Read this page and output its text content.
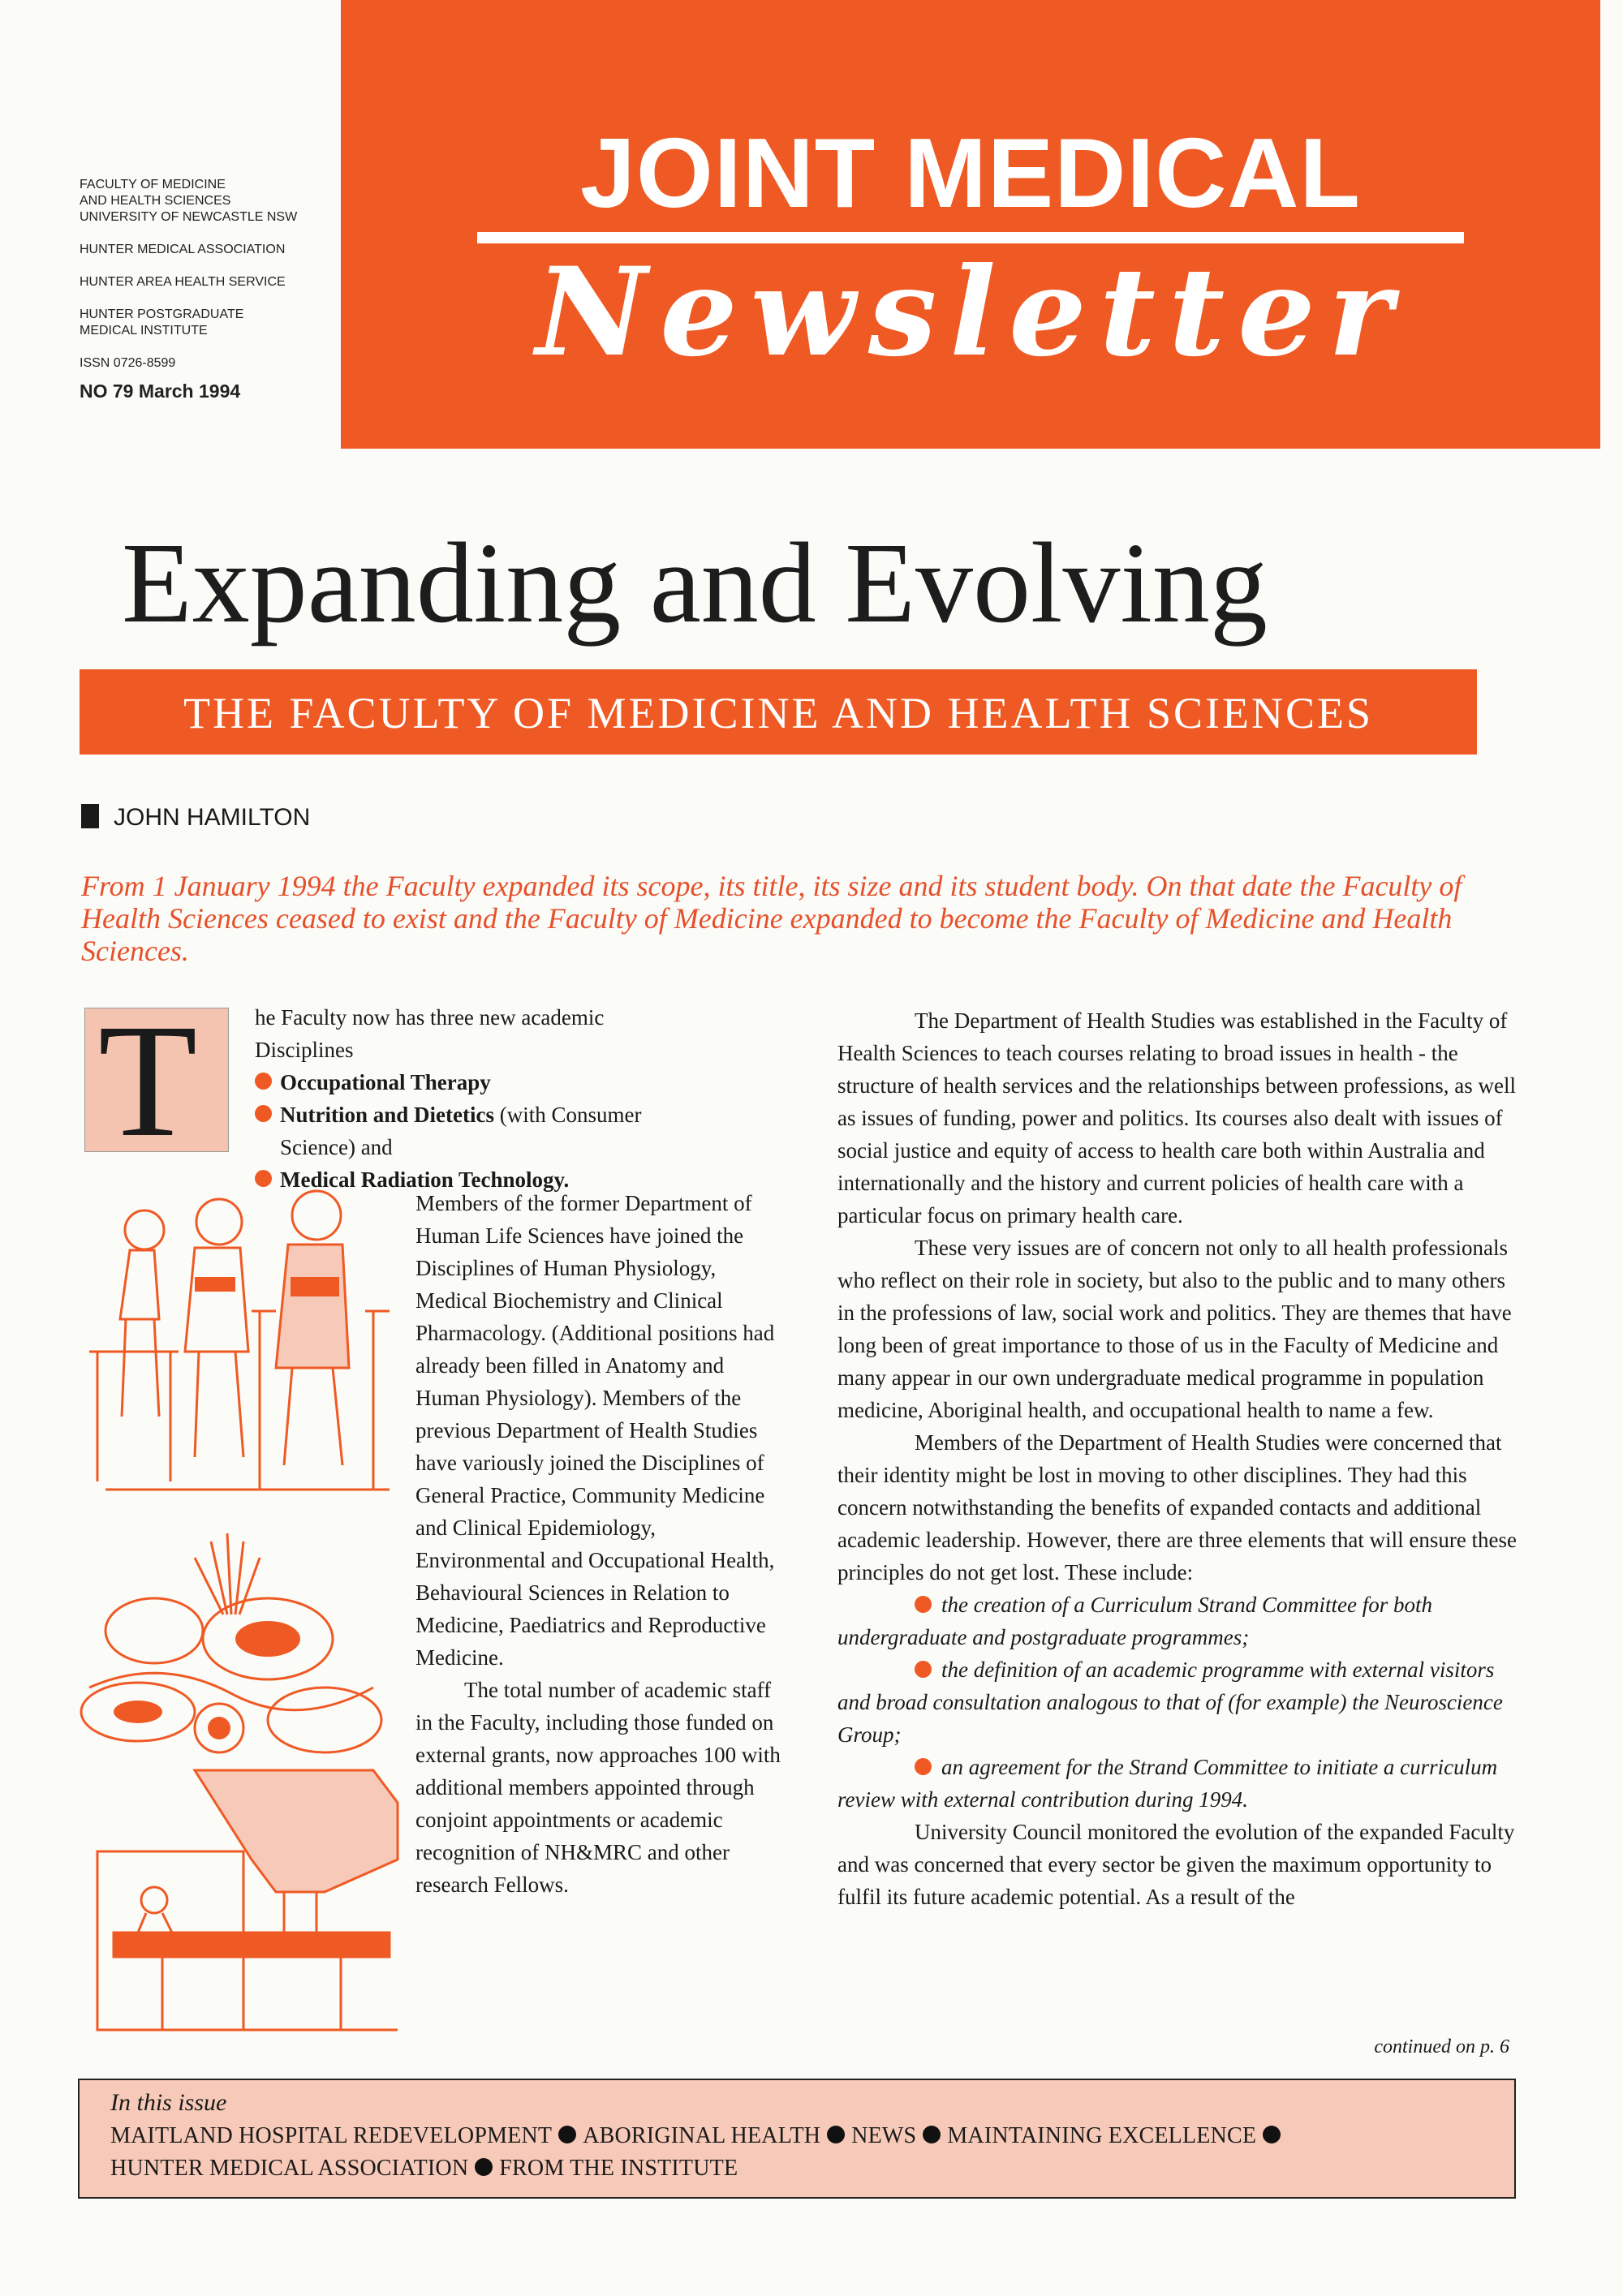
FACULTY OF MEDICINE
AND HEALTH SCIENCES
UNIVERSITY OF NEWCASTLE NSW
HUNTER MEDICAL ASSOCIATION
HUNTER AREA HEALTH SERVICE
HUNTER POSTGRADUATE
MEDICAL INSTITUTE
ISSN 0726-8599
NO 79 March 1994
JOINT MEDICAL
Newsletter
Expanding and Evolving
THE FACULTY OF MEDICINE AND HEALTH SCIENCES
JOHN HAMILTON
From 1 January 1994 the Faculty expanded its scope, its title, its size and its student body. On that date the Faculty of Health Sciences ceased to exist and the Faculty of Medicine expanded to become the Faculty of Medicine and Health Sciences.
T	he Faculty now has three new academic
Disciplines
Occupational Therapy
Nutrition and Dietetics (with Consumer
Science) and
Medical Radiation Technology.

Members of the former Department of Human Life Sciences have joined the Disciplines of Human Physiology, Medical Biochemistry and Clinical Pharmacology. (Additional positions had already been filled in Anatomy and Human Physiology). Members of the previous Department of Health Studies have variously joined the Disciplines of General Practice, Community Medicine and Clinical Epidemiology, Environmental and Occupational Health, Behavioural Sciences in Relation to Medicine, Paediatrics and Reproductive Medicine.

The total number of academic staff in the Faculty, including those funded on external grants, now approaches 100 with additional members appointed through conjoint appointments or academic recognition of NH&MRC and other research Fellows.

The Department of Health Studies was established in the Faculty of Health Sciences to teach courses relating to broad issues in health - the structure of health services and the relationships between professions, as well as issues of funding, power and politics. Its courses also dealt with issues of social justice and equity of access to health care both within Australia and internationally and the history and current policies of health care with a particular focus on primary health care.

These very issues are of concern not only to all health professionals who reflect on their role in society, but also to the public and to many others in the professions of law, social work and politics. They are themes that have long been of great importance to those of us in the Faculty of Medicine and many appear in our own undergraduate medical programme in population medicine, Aboriginal health, and occupational health to name a few.

Members of the Department of Health Studies were concerned that their identity might be lost in moving to other disciplines. They had this concern notwithstanding the benefits of expanded contacts and additional academic leadership. However, there are three elements that will ensure these principles do not get lost. These include:

the creation of a Curriculum Strand Committee for both undergraduate and postgraduate programmes;

the definition of an academic programme with external visitors and broad consultation analogous to that of (for example) the Neuroscience Group;

an agreement for the Strand Committee to initiate a curriculum review with external contribution during 1994.

University Council monitored the evolution of the expanded Faculty and was concerned that every sector be given the maximum opportunity to fulfil its future academic potential. As a result of the

continued on p. 6
In this issue
MAITLAND HOSPITAL REDEVELOPMENT ABORIGINAL HEALTH NEWS MAINTAINING EXCELLENCE
HUNTER MEDICAL ASSOCIATION FROM THE INSTITUTE
